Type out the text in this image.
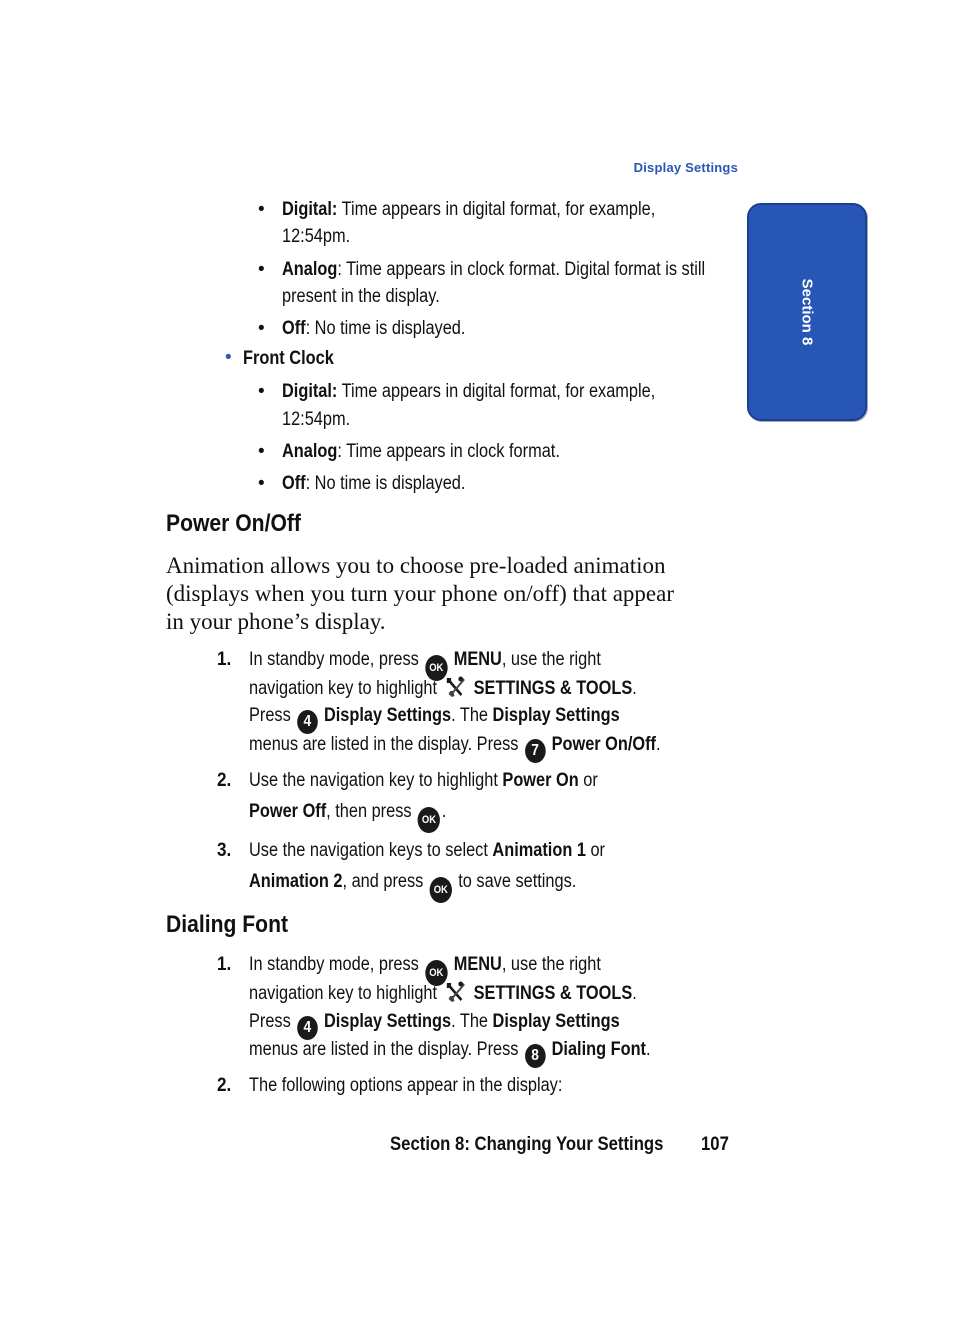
Display Settings
Section 8
• Digital: Time appears in digital format, for example,
12:54pm.
• Analog: Time appears in clock format. Digital format is still
present in the display.
• Off: No time is displayed.
• Front Clock
• Digital: Time appears in digital format, for example,
12:54pm.
• Analog: Time appears in clock format.
• Off: No time is displayed.
Power On/Off
Animation allows you to choose pre-loaded animation
(displays when you turn your phone on/off) that appear
in your phone’s display.
1. In standby mode, press OK MENU, use the right
navigation key to highlight SETTINGS & TOOLS.
Press 4 Display Settings. The Display Settings
menus are listed in the display. Press 7 Power On/Off.
2. Use the navigation key to highlight Power On or
Power Off, then press OK .
3. Use the navigation keys to select Animation 1 or
Animation 2, and press OK to save settings.
Dialing Font
1. In standby mode, press OK MENU, use the right
navigation key to highlight SETTINGS & TOOLS.
Press 4 Display Settings. The Display Settings
menus are listed in the display. Press 8 Dialing Font.
2. The following options appear in the display:
Section 8: Changing Your Settings 107
